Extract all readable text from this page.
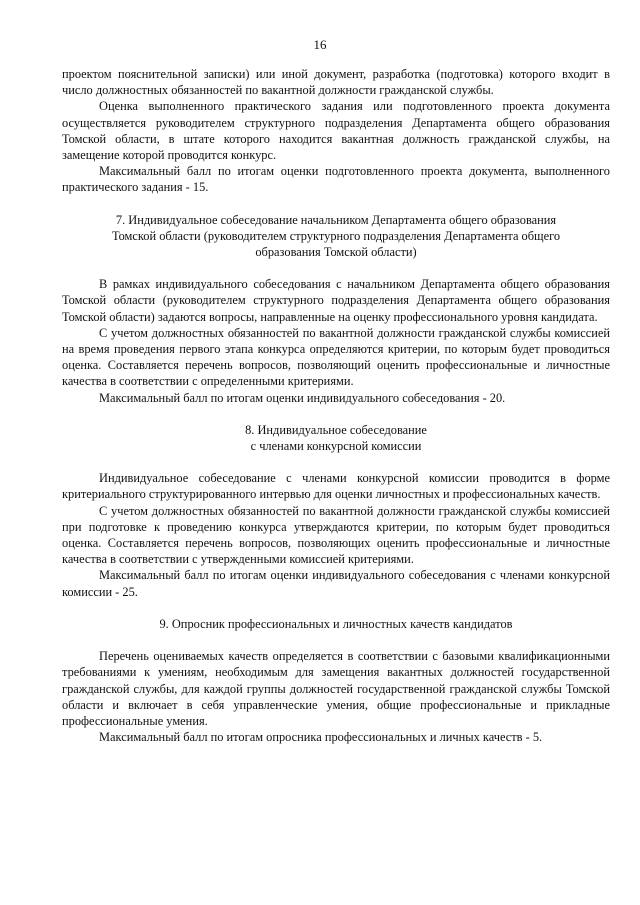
16

проектом пояснительной записки) или иной документ, разработка (подготовка) которого входит в число должностных обязанностей по вакантной должности гражданской службы.

Оценка выполненного практического задания или подготовленного проекта документа осуществляется руководителем структурного подразделения Департамента общего образования Томской области, в штате которого находится вакантная должность гражданской службы, на замещение которой проводится конкурс.

Максимальный балл по итогам оценки подготовленного проекта документа, выполненного практического задания - 15.

7. Индивидуальное собеседование начальником Департамента общего образования
Томской области (руководителем структурного подразделения Департамента общего
образования Томской области)

В рамках индивидуального собеседования с начальником Департамента общего образования Томской области (руководителем структурного подразделения Департамента общего образования Томской области) задаются вопросы, направленные на оценку профессионального уровня кандидата.

С учетом должностных обязанностей по вакантной должности гражданской службы комиссией на время проведения первого этапа конкурса определяются критерии, по которым будет проводиться оценка. Составляется перечень вопросов, позволяющий оценить профессиональные и личностные качества в соответствии с определенными критериями.

Максимальный балл по итогам оценки индивидуального собеседования - 20.

8. Индивидуальное собеседование
с членами конкурсной комиссии

Индивидуальное собеседование с членами конкурсной комиссии проводится в форме критериального структурированного интервью для оценки личностных и профессиональных качеств.

С учетом должностных обязанностей по вакантной должности гражданской службы комиссией при подготовке к проведению конкурса утверждаются критерии, по которым будет проводиться оценка. Составляется перечень вопросов, позволяющих оценить профессиональные и личностные качества в соответствии с утвержденными комиссией критериями.

Максимальный балл по итогам оценки индивидуального собеседования с членами конкурсной комиссии - 25.

9. Опросник профессиональных и личностных качеств кандидатов

Перечень оцениваемых качеств определяется в соответствии с базовыми квалификационными требованиями к умениям, необходимым для замещения вакантных должностей государственной гражданской службы, для каждой группы должностей государственной гражданской службы Томской области и включает в себя управленческие умения, общие профессиональные и прикладные профессиональные умения.

Максимальный балл по итогам опросника профессиональных и личных качеств - 5.
